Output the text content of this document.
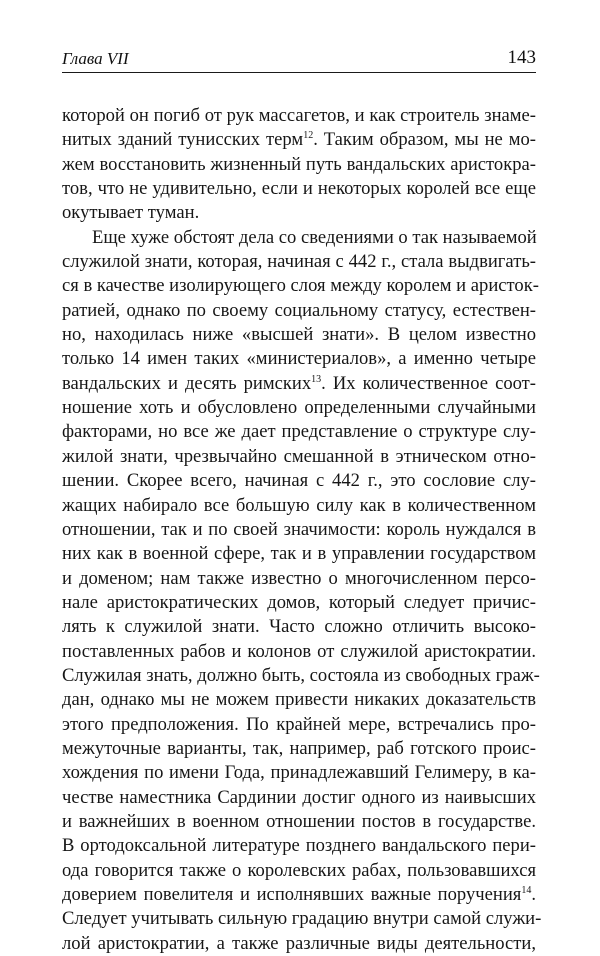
Глава VII	143
которой он погиб от рук массагетов, и как строитель знаме-
нитых зданий тунисских терм$^{12}$. Таким образом, мы не мо-
жем восстановить жизненный путь вандальских аристокра-
тов, что не удивительно, если и некоторых королей все еще
окутывает туман.
Еще хуже обстоят дела со сведениями о так называемой
служилой знати, которая, начиная с 442 г., стала выдвигать-
ся в качестве изолирующего слоя между королем и аристок-
ратией, однако по своему социальному статусу, естествен-
но, находилась ниже «высшей знати». В целом известно
только 14 имен таких «министериалов», а именно четыре
вандальских и десять римских$^{13}$. Их количественное соот-
ношение хоть и обусловлено определенными случайными
факторами, но все же дает представление о структуре слу-
жилой знати, чрезвычайно смешанной в этническом отно-
шении. Скорее всего, начиная с 442 г., это сословие слу-
жащих набирало все большую силу как в количественном
отношении, так и по своей значимости: король нуждался в
них как в военной сфере, так и в управлении государством
и доменом; нам также известно о многочисленном персо-
нале аристократических домов, который следует причис-
лять к служилой знати. Часто сложно отличить высоко-
поставленных рабов и колонов от служилой аристократии.
Служилая знать, должно быть, состояла из свободных граж-
дан, однако мы не можем привести никаких доказательств
этого предположения. По крайней мере, встречались про-
межуточные варианты, так, например, раб готского проис-
хождения по имени Года, принадлежавший Гелимеру, в ка-
честве наместника Сардинии достиг одного из наивысших
и важнейших в военном отношении постов в государстве.
В ортодоксальной литературе позднего вандальского пери-
ода говорится также о королевских рабах, пользовавшихся
доверием повелителя и исполнявших важные поручения$^{14}$.
Следует учитывать сильную градацию внутри самой служи-
лой аристократии, а также различные виды деятельности,
